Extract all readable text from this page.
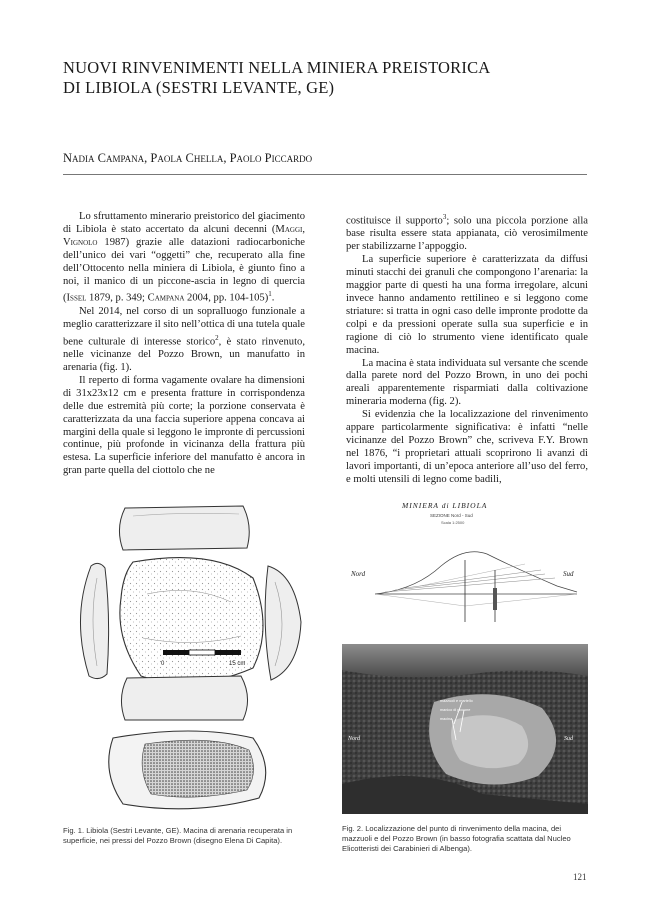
NUOVI RINVENIMENTI NELLA MINIERA PREISTORICA
DI LIBIOLA (SESTRI LEVANTE, GE)
Nadia Campana, Paola Chella, Paolo Piccardo

Lo sfruttamento minerario preistorico del giacimento di Libiola è stato accertato da alcuni decenni (Maggi, Vignolo 1987) grazie alle datazioni radiocarboniche dell’unico dei vari “oggetti” che, recuperato alla fine dell’Ottocento nella miniera di Libiola, è giunto fino a noi, il manico di un piccone-ascia in legno di quercia (Issel 1879, p. 349; Campana 2004, pp. 104-105)$^1$.

Nel 2014, nel corso di un sopralluogo funzionale a meglio caratterizzare il sito nell’ottica di una tutela quale bene culturale di interesse storico$^2$, è stato rinvenuto, nelle vicinanze del Pozzo Brown, un manufatto in arenaria (fig. 1).

Il reperto di forma vagamente ovalare ha dimensioni di 31x23x12 cm e presenta fratture in corrispondenza delle due estremità più corte; la porzione conservata è caratterizzata da una faccia superiore appena concava ai margini della quale si leggono le impronte di percussioni continue, più profonde in vicinanza della frattura più estesa. La superficie inferiore del manufatto è ancora in gran parte quella del ciottolo che ne

costituisce il supporto$^3$; solo una piccola porzione alla base risulta essere stata appianata, ciò verosimilmente per stabilizzarne l’appoggio.

La superficie superiore è caratterizzata da diffusi minuti stacchi dei granuli che compongono l’arenaria: la maggior parte di questi ha una forma irregolare, alcuni invece hanno andamento rettilineo e si leggono come striature: si tratta in ogni caso delle impronte prodotte da colpi e da pressioni operate sulla sua superficie e in ragione di ciò lo strumento viene identificato quale macina.

La macina è stata individuata sul versante che scende dalla parete nord del Pozzo Brown, in uno dei pochi areali apparentemente risparmiati dalla coltivazione mineraria moderna (fig. 2).

Si evidenzia che la localizzazione del rinvenimento appare particolarmente significativa: è infatti “nelle vicinanze del Pozzo Brown” che, scriveva F.Y. Brown nel 1876, “i proprietari attuali scoprirono li avanzi di lavori importanti, di un’epoca anteriore all’uso del ferro, e molti utensili di legno come badili,

0	15 cm
Fig. 1. Libiola (Sestri Levante, GE). Macina di arenaria recuperata in superficie, nei pressi del Pozzo Brown (disegno Elena Di Capita).
MINIERA di LIBIOLA
SEZIONE Nord - Sud
Scala 1:2500
Nord	Sud
Nord	Sud
mazzuoli e martello
manico di piccone
macina
Fig. 2. Localizzazione del punto di rinvenimento della macina, dei mazzuoli e del Pozzo Brown (in basso fotografia scattata dal Nucleo Elicotteristi dei Carabinieri di Albenga).
121
